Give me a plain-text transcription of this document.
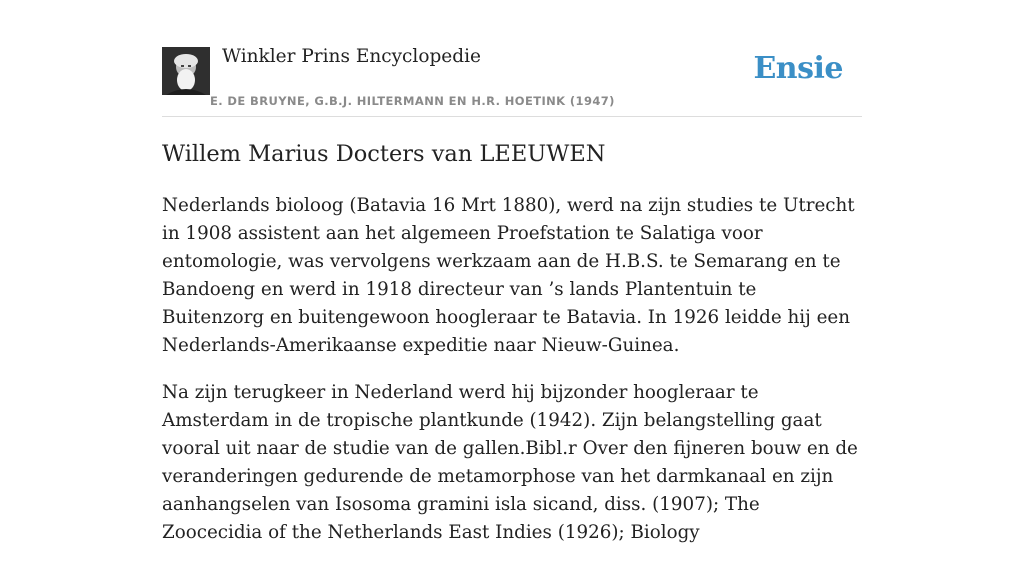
Winkler Prins Encyclopedie
E. DE BRUYNE, G.B.J. HILTERMANN EN H.R. HOETINK (1947)
Ensie
Willem Marius Docters van LEEUWEN

Nederlands bioloog (Batavia 16 Mrt 1880), werd na zijn studies te Utrecht in 1908 assistent aan het algemeen Proefstation te Salatiga voor entomologie, was vervolgens werkzaam aan de H.B.S. te Semarang en te Bandoeng en werd in 1918 directeur van ’s lands Plantentuin te Buitenzorg en buitengewoon hoogleraar te Batavia. In 1926 leidde hij een Nederlands-Amerikaanse expeditie naar Nieuw-Guinea.

Na zijn terugkeer in Nederland werd hij bijzonder hoogleraar te Amsterdam in de tropische plantkunde (1942). Zijn belangstelling gaat vooral uit naar de studie van de gallen.Bibl.r Over den fijneren bouw en de veranderingen gedurende de metamorphose van het darmkanaal en zijn aanhangselen van Isosoma gramini isla sicand, diss. (1907); The Zoocecidia of the Netherlands East Indies (1926); Biology
